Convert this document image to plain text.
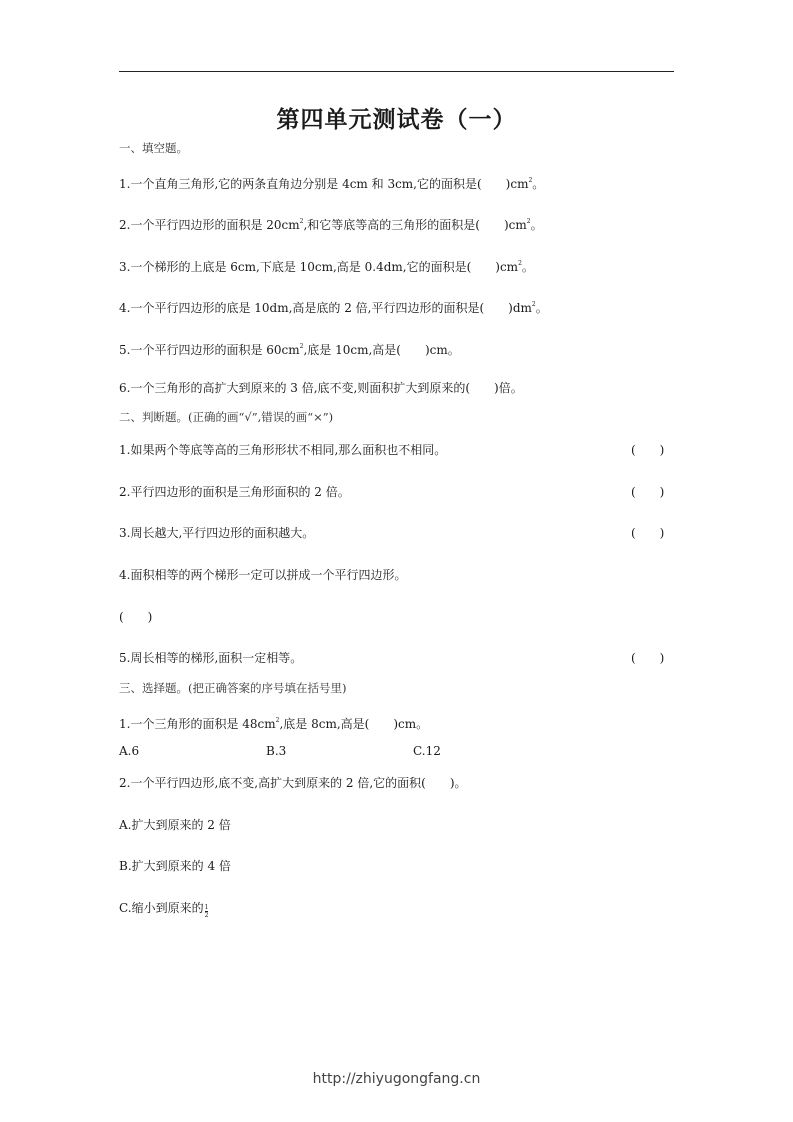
第四单元测试卷（一）
一、填空题。
1.一个直角三角形,它的两条直角边分别是 4cm 和 3cm,它的面积是(　　)$cm^2$。
2.一个平行四边形的面积是 $20cm^2$,和它等底等高的三角形的面积是(　　)$cm^2$。
3.一个梯形的上底是 6cm,下底是 10cm,高是 0.4dm,它的面积是(　　)$cm^2$。
4.一个平行四边形的底是 10dm,高是底的 2 倍,平行四边形的面积是(　　)$dm^2$。
5.一个平行四边形的面积是 $60cm^2$,底是 10cm,高是(　　)cm。
6.一个三角形的高扩大到原来的 3 倍,底不变,则面积扩大到原来的(　　)倍。
二、判断题。(正确的画“√”,错误的画“×”)
1.如果两个等底等高的三角形形状不相同,那么面积也不相同。	(　　)
2.平行四边形的面积是三角形面积的 2 倍。	(　　)
3.周长越大,平行四边形的面积越大。	(　　)
4.面积相等的两个梯形一定可以拼成一个平行四边形。
(　　)
5.周长相等的梯形,面积一定相等。	(　　)
三、选择题。(把正确答案的序号填在括号里)
1.一个三角形的面积是 $48cm^2$,底是 8cm,高是(　　)cm。
A.6	B.3	C.12
2.一个平行四边形,底不变,高扩大到原来的 2 倍,它的面积(　　)。
A.扩大到原来的 2 倍
B.扩大到原来的 4 倍
C.缩小到原来的 $\frac{1}{2}$
http://zhiyugongfang.cn
